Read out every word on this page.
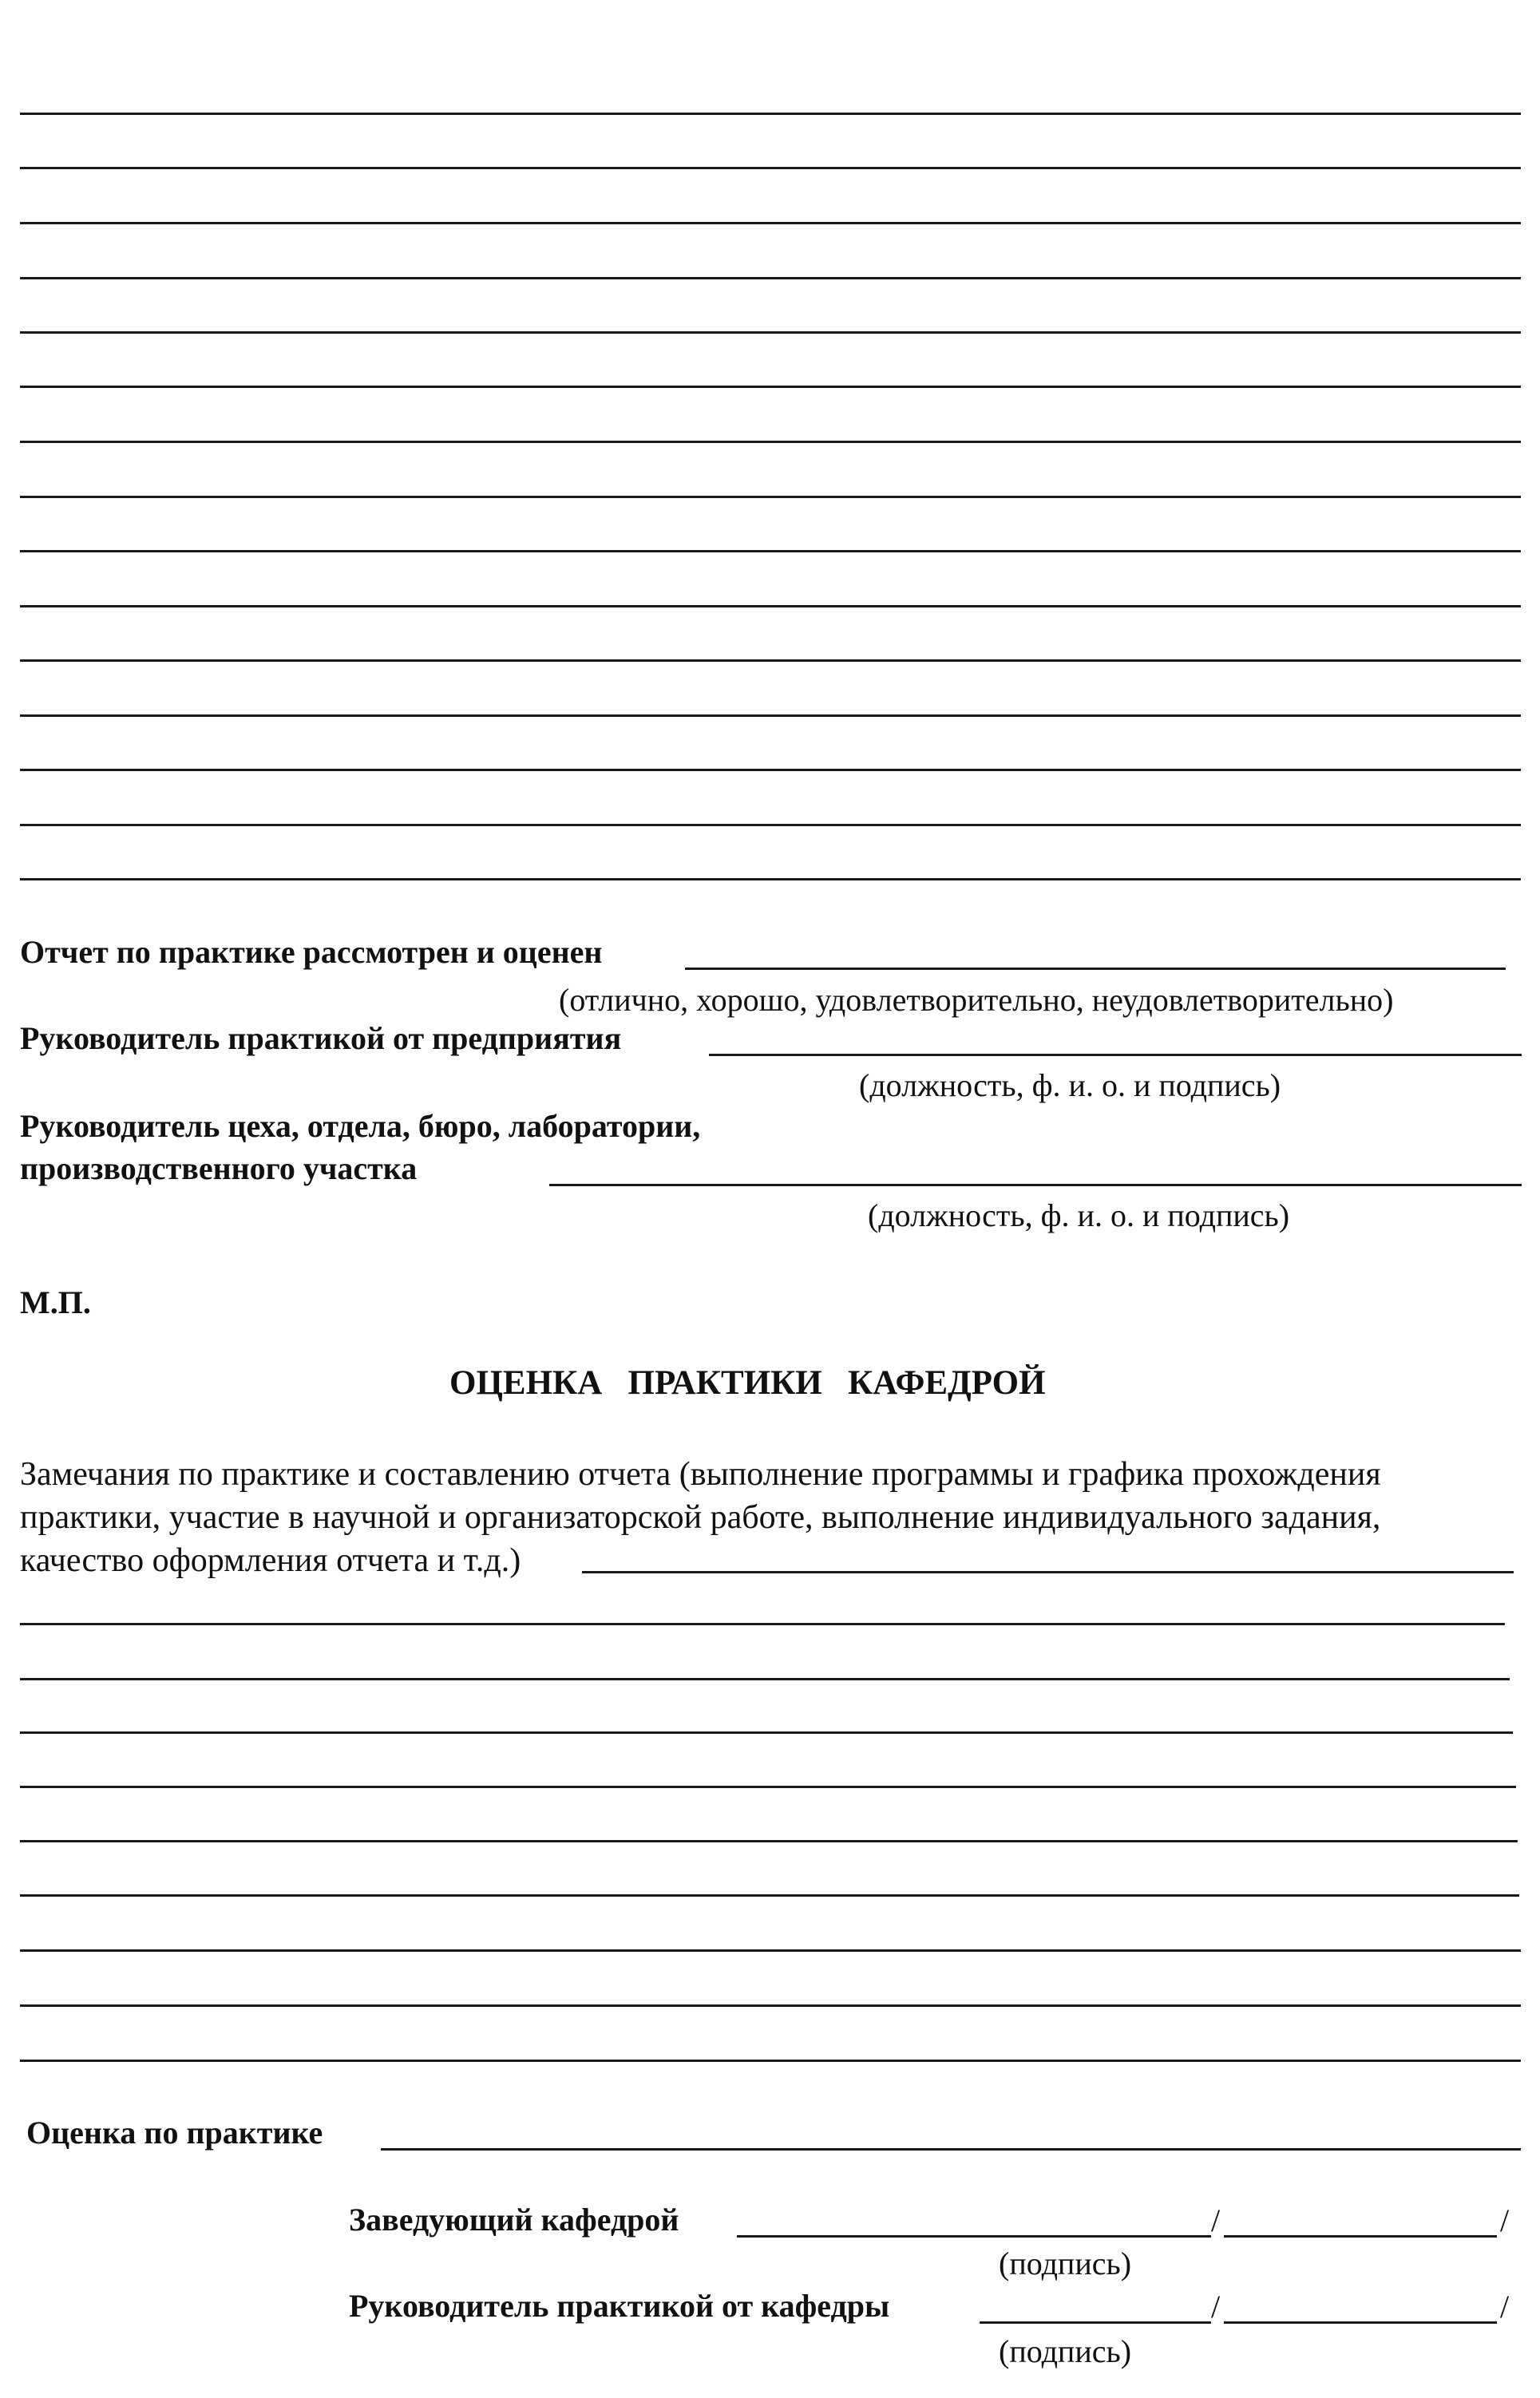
Отчет по практике рассмотрен и оценен
(отлично, хорошо, удовлетворительно, неудовлетворительно)
Руководитель практикой от предприятия
(должность, ф. и. о. и подпись)
Руководитель цеха, отдела, бюро, лаборатории,
производственного участка
(должность, ф. и. о. и подпись)
М.П.
ОЦЕНКА   ПРАКТИКИ   КАФЕДРОЙ
Замечания по практике и составлению отчета (выполнение программы и графика прохождения
практики, участие в научной и организаторской работе, выполнение индивидуального задания,
качество оформления отчета и т.д.)
Оценка по практике
Заведующий кафедрой	/	/
(подпись)
Руководитель практикой от кафедры	/	/
(подпись)
